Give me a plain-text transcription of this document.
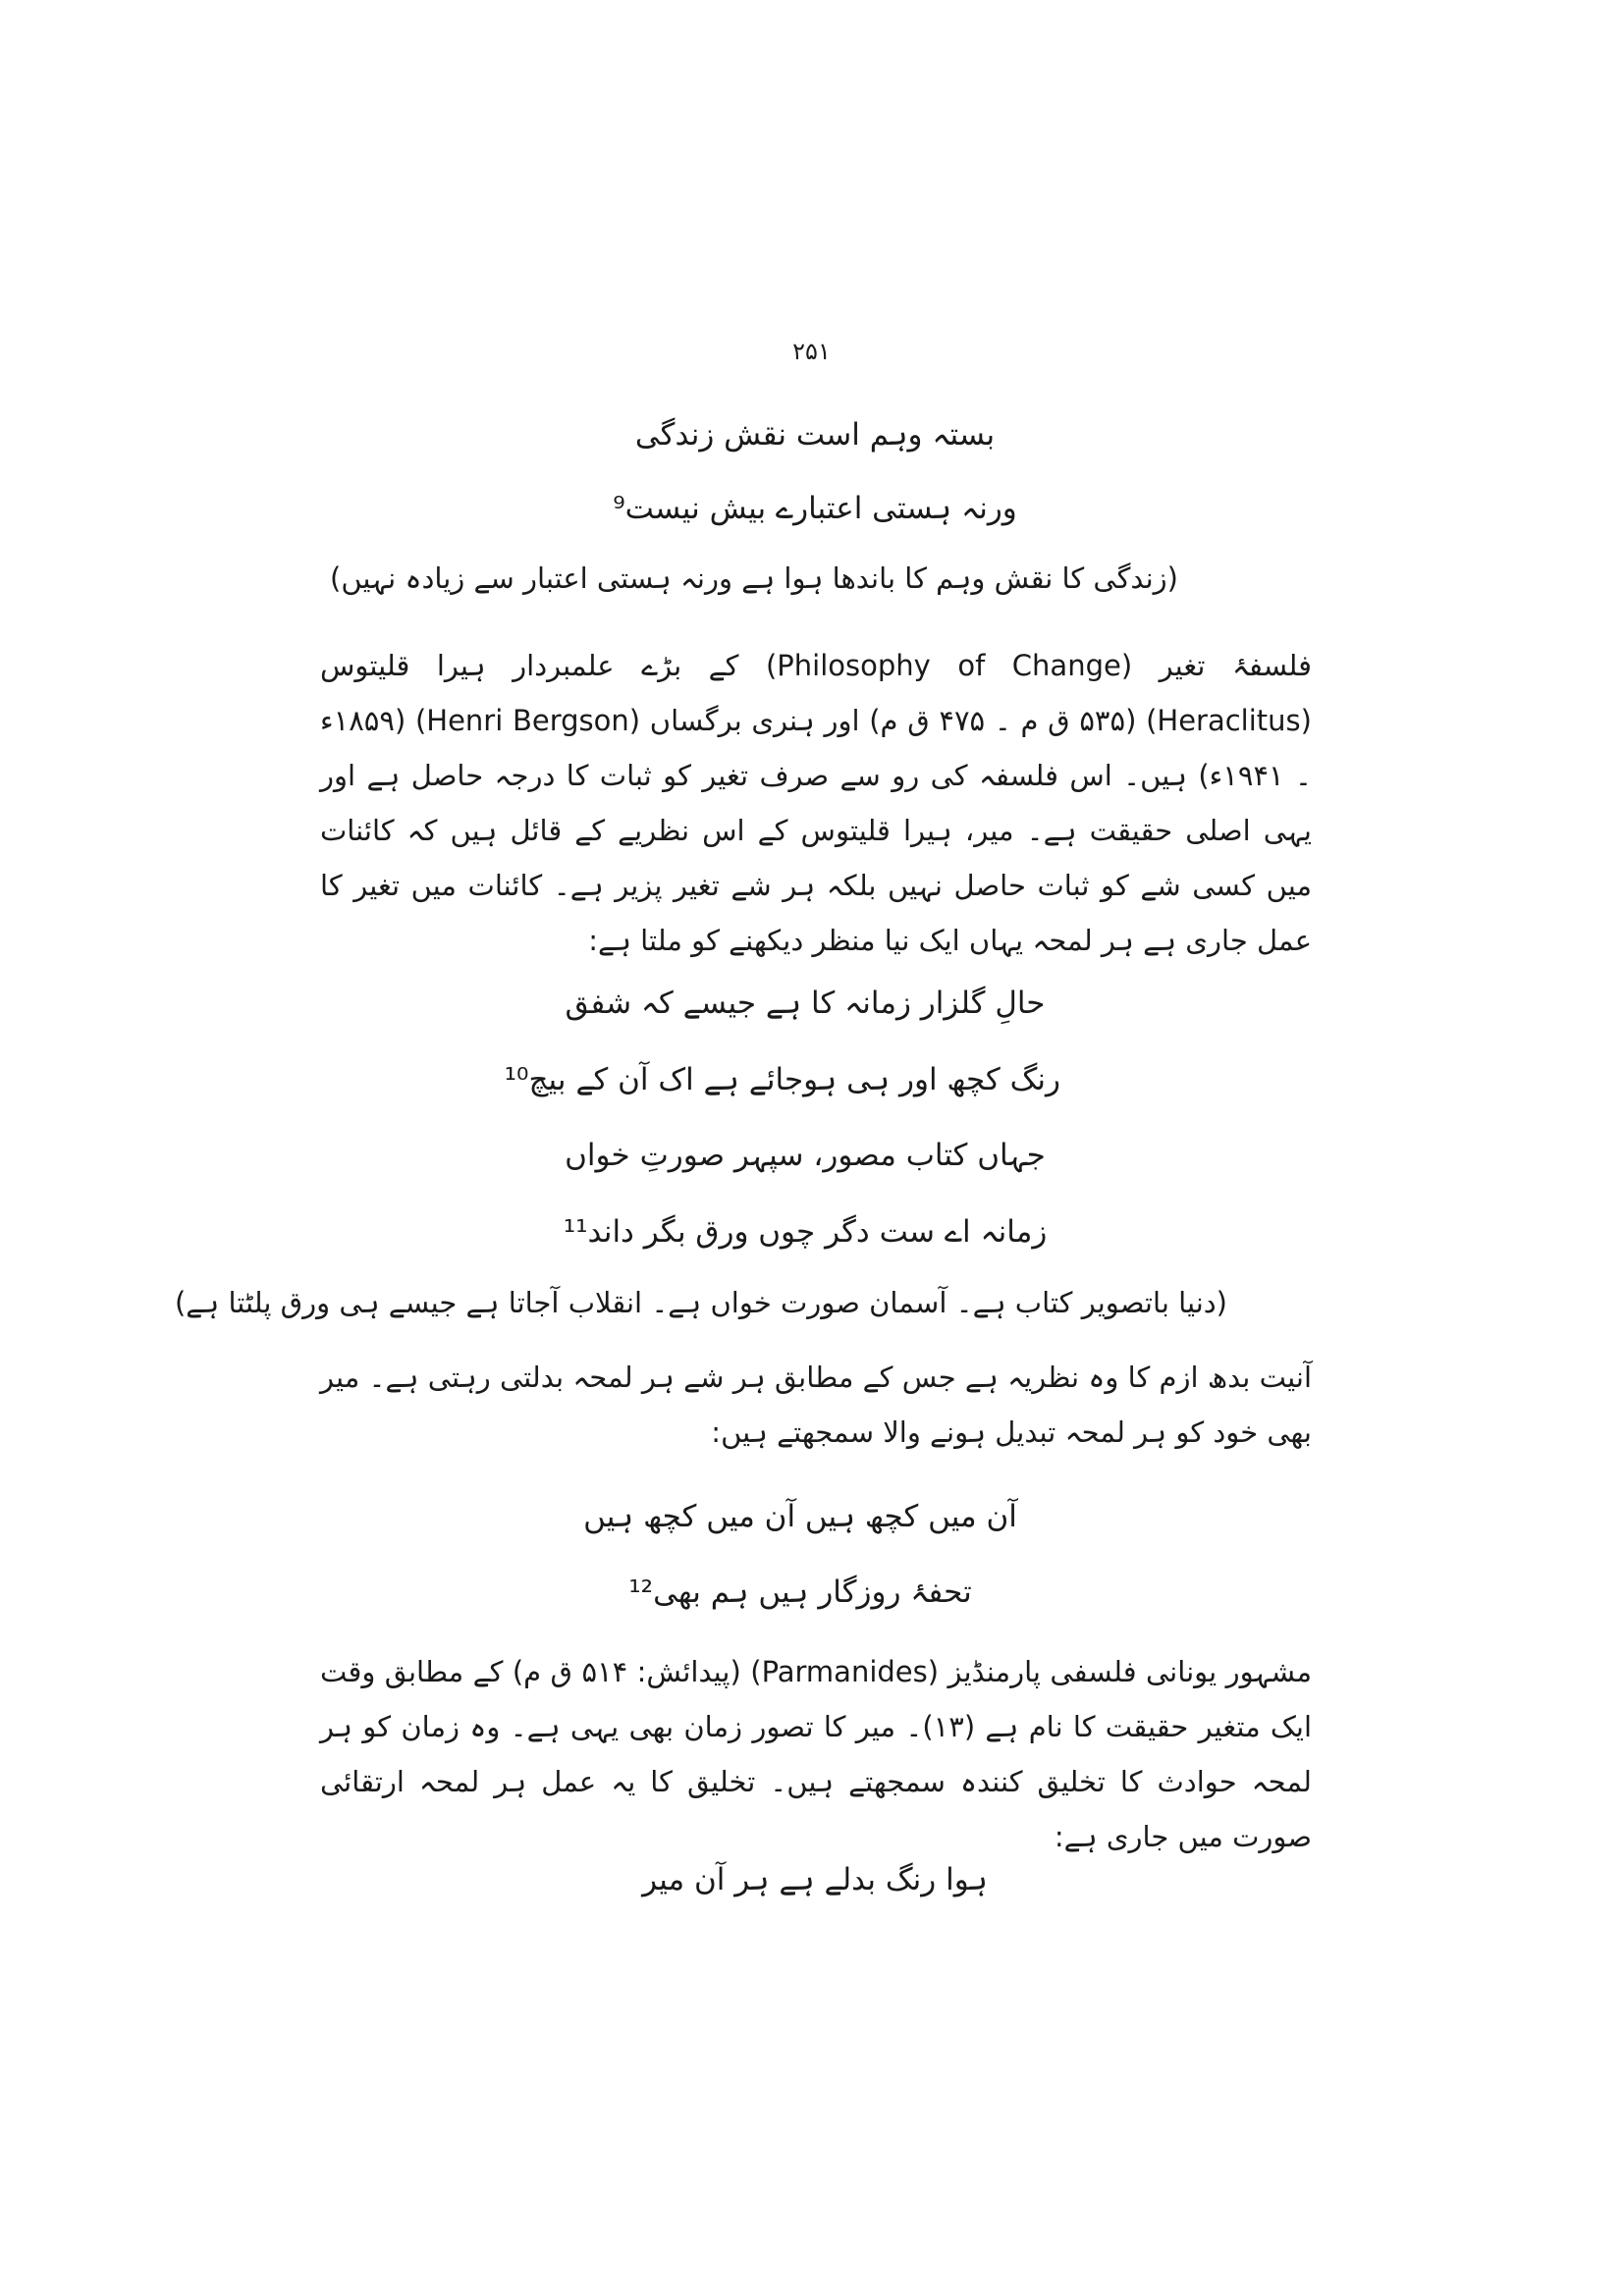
۲۵۱
بستہ وہم است نقش زندگی
ورنہ ہستی اعتبارے بیش نیست⁹
(زندگی کا نقش وہم کا باندھا ہوا ہے ورنہ ہستی اعتبار سے زیادہ نہیں)
فلسفۂ تغیر (Philosophy of Change) کے بڑے علمبردار ہیرا قلیتوس (Heraclitus) (۵۳۵ ق م ۔ ۴۷۵ ق م) اور ہنری برگساں (Henri Bergson) (۱۸۵۹ء ۔ ۱۹۴۱ء) ہیں۔ اس فلسفہ کی رو سے صرف تغیر کو ثبات کا درجہ حاصل ہے اور یہی اصلی حقیقت ہے۔ میر، ہیرا قلیتوس کے اس نظریے کے قائل ہیں کہ کائنات میں کسی شے کو ثبات حاصل نہیں بلکہ ہر شے تغیر پزیر ہے۔ کائنات میں تغیر کا عمل جاری ہے ہر لمحہ یہاں ایک نیا منظر دیکھنے کو ملتا ہے:
حالِ گلزار زمانہ کا ہے جیسے کہ شفق
رنگ کچھ اور ہی ہوجائے ہے اک آن کے بیچ¹⁰
جہاں کتاب مصور، سپہر صورتِ خواں
زمانہ اے ست دگر چوں ورق بگر داند¹¹
(دنیا باتصویر کتاب ہے۔ آسمان صورت خواں ہے۔ انقلاب آجاتا ہے جیسے ہی ورق پلٹتا ہے)
آنیت بدھ ازم کا وہ نظریہ ہے جس کے مطابق ہر شے ہر لمحہ بدلتی رہتی ہے۔ میر بھی خود کو ہر لمحہ تبدیل ہونے والا سمجھتے ہیں:
آن میں کچھ ہیں آن میں کچھ ہیں
تحفۂ روزگار ہیں ہم بھی¹²
مشہور یونانی فلسفی پارمنڈیز (Parmanides) (پیدائش: ۵۱۴ ق م) کے مطابق وقت ایک متغیر حقیقت کا نام ہے (۱۳)۔ میر کا تصور زمان بھی یہی ہے۔ وہ زمان کو ہر لمحہ حوادث کا تخلیق کنندہ سمجھتے ہیں۔ تخلیق کا یہ عمل ہر لمحہ ارتقائی صورت میں جاری ہے:
ہوا رنگ بدلے ہے ہر آن میر
